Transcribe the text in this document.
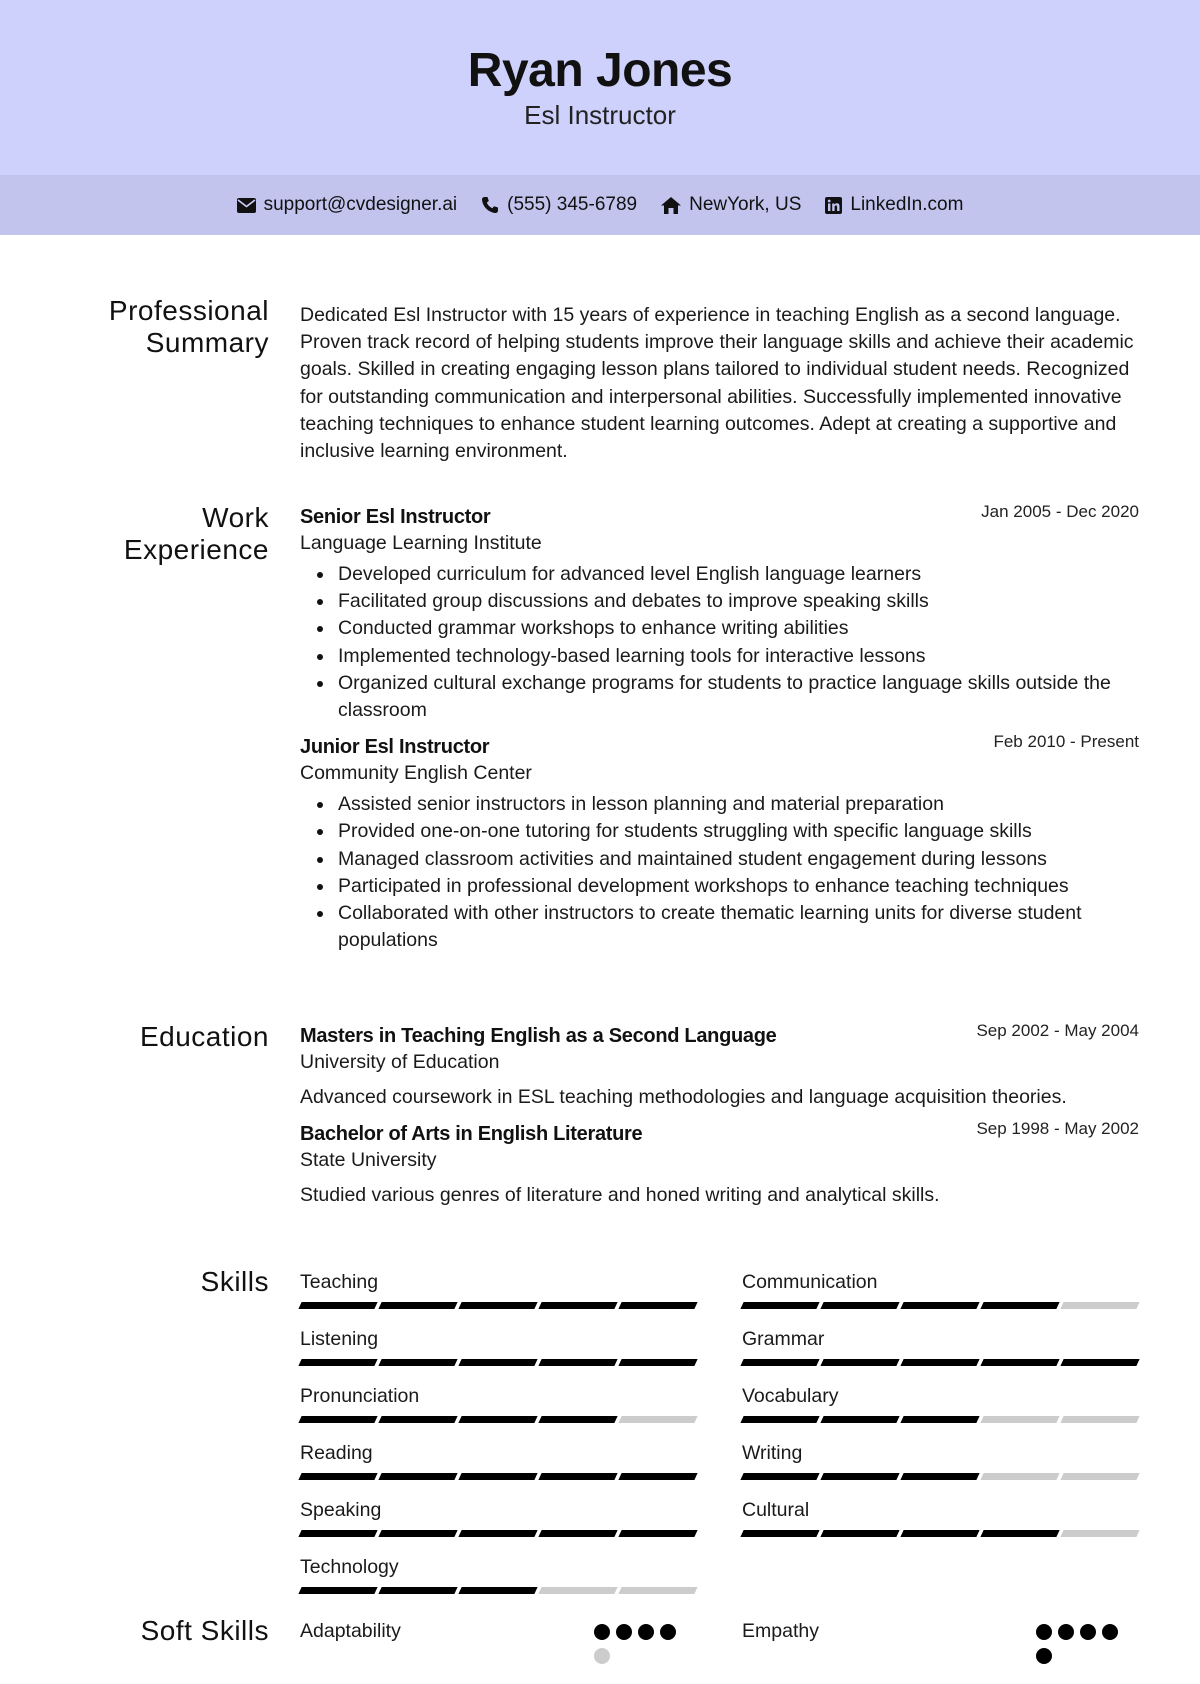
Ryan Jones
Esl Instructor
support@cvdesigner.ai	(555) 345-6789	NewYork, US	LinkedIn.com
Professional Summary

Dedicated Esl Instructor with 15 years of experience in teaching English as a second language. Proven track record of helping students improve their language skills and achieve their academic goals. Skilled in creating engaging lesson plans tailored to individual student needs. Recognized for outstanding communication and interpersonal abilities. Successfully implemented innovative teaching techniques to enhance student learning outcomes. Adept at creating a supportive and inclusive learning environment.

Work Experience
Senior Esl Instructor	Jan 2005 - Dec 2020
Language Learning Institute
Developed curriculum for advanced level English language learners
Facilitated group discussions and debates to improve speaking skills
Conducted grammar workshops to enhance writing abilities
Implemented technology-based learning tools for interactive lessons
Organized cultural exchange programs for students to practice language skills outside the classroom
Junior Esl Instructor	Feb 2010 - Present
Community English Center
Assisted senior instructors in lesson planning and material preparation
Provided one-on-one tutoring for students struggling with specific language skills
Managed classroom activities and maintained student engagement during lessons
Participated in professional development workshops to enhance teaching techniques
Collaborated with other instructors to create thematic learning units for diverse student populations
Education Masters in Teaching English as a Second Language	Sep 2002 - May 2004
University of Education
Advanced coursework in ESL teaching methodologies and language acquisition theories.
Bachelor of Arts in English Literature	Sep 1998 - May 2002
State University
Studied various genres of literature and honed writing and analytical skills.
Skills Teaching	Communication
Listening	Grammar
Pronunciation	Vocabulary
Reading	Writing
Speaking	Cultural
Technology
Soft Skills Adaptability	Empathy
